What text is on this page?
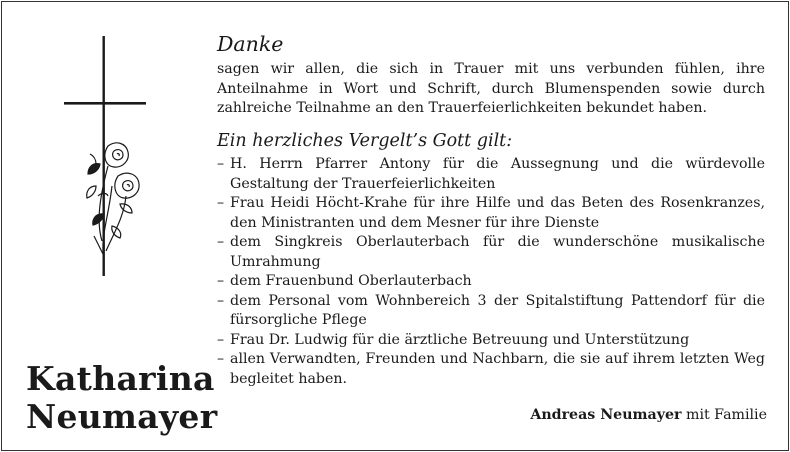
Katharina
Neumayer
Danke
sagen wir allen, die sich in Trauer mit uns verbunden fühlen, ihre Anteilnahme in Wort und Schrift, durch Blumenspenden sowie durch zahlreiche Teilnahme an den Trauerfeierlichkeiten bekundet haben.
Ein herzliches Vergelt’s Gott gilt:
– H. Herrn Pfarrer Antony für die Aussegnung und die würdevolle Gestaltung der Trauerfeierlichkeiten
– Frau Heidi Höcht-Krahe für ihre Hilfe und das Beten des Rosenkranzes, den Ministranten und dem Mesner für ihre Dienste
– dem Singkreis Oberlauterbach für die wunderschöne musikalische Umrahmung
– dem Frauenbund Oberlauterbach
– dem Personal vom Wohnbereich 3 der Spitalstiftung Pattendorf für die fürsorgliche Pflege
– Frau Dr. Ludwig für die ärztliche Betreuung und Unterstützung
– allen Verwandten, Freunden und Nachbarn, die sie auf ihrem letzten Weg begleitet haben.
Andreas Neumayer mit Familie
